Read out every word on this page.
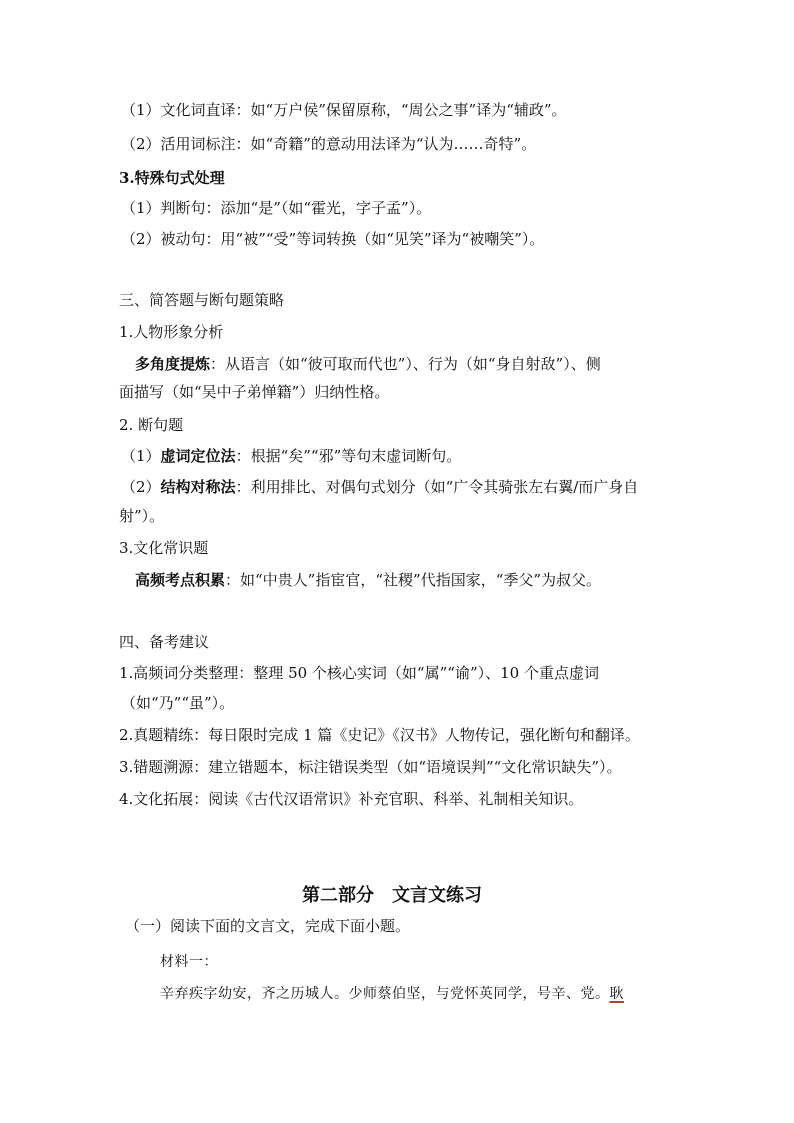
（1）文化词直译：如“万户侯”保留原称，“周公之事”译为“辅政”。
（2）活用词标注：如“奇籍”的意动用法译为“认为……奇特”。
3.特殊句式处理
（1）判断句：添加“是”（如“霍光，字子孟”）。
（2）被动句：用“被”“受”等词转换（如“见笑”译为“被嘲笑”）。
三、简答题与断句题策略
1.人物形象分析
多角度提炼：从语言（如“彼可取而代也”）、行为（如“身自射敌”）、侧
面描写（如“吴中子弟惮籍”）归纳性格。
2. 断句题
（1）虚词定位法：根据“矣”“邪”等句末虚词断句。
（2）结构对称法：利用排比、对偶句式划分（如“广令其骑张左右翼/而广身自
射”）。
3.文化常识题
高频考点积累：如“中贵人”指宦官，“社稷”代指国家，“季父”为叔父。
四、备考建议
1.高频词分类整理：整理 50 个核心实词（如“属”“谕”）、10 个重点虚词
（如“乃”“虽”）。
2.真题精练：每日限时完成 1 篇《史记》《汉书》人物传记，强化断句和翻译。
3.错题溯源：建立错题本，标注错误类型（如“语境误判”“文化常识缺失”）。
4.文化拓展：阅读《古代汉语常识》补充官职、科举、礼制相关知识。
第二部分　文言文练习
（一）阅读下面的文言文，完成下面小题。
材料一：
辛弃疾字幼安，齐之历城人。少师蔡伯坚，与党怀英同学，号辛、党。耿
